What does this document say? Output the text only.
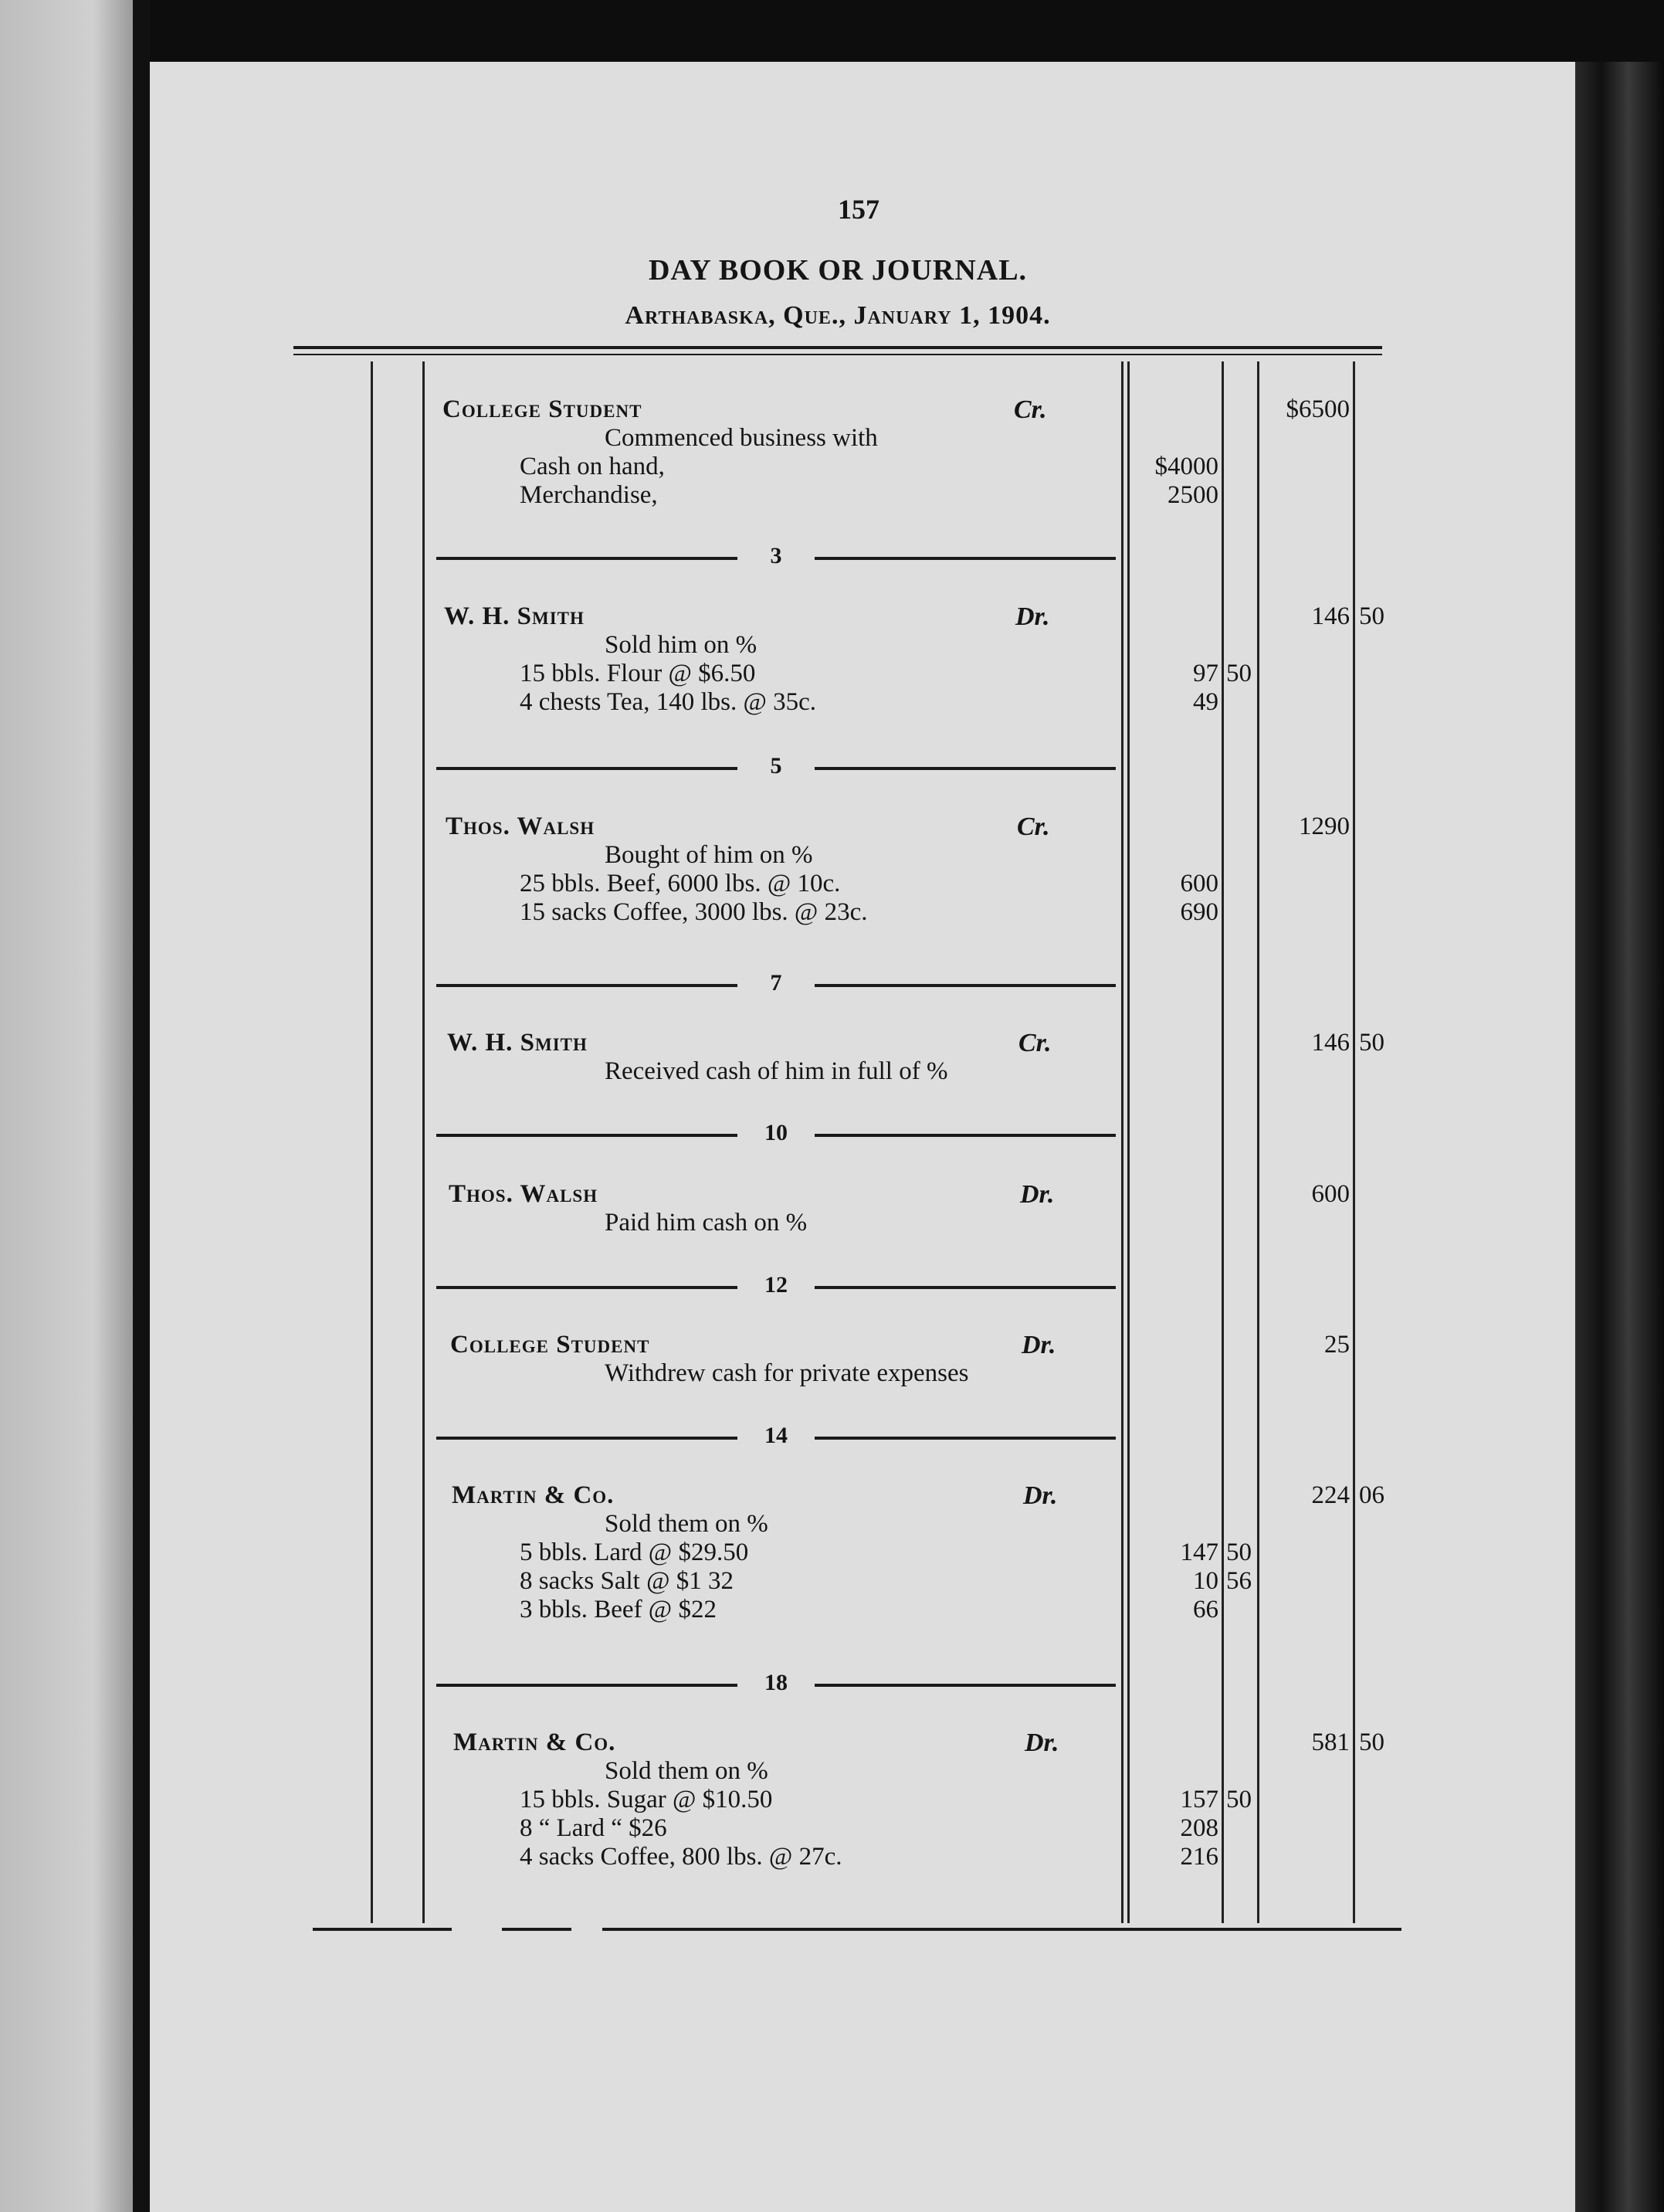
DAY BOOK OR JOURNAL.
Arthabaska, Que., January 1, 1904.
College Student	Cr.	$6500
Commenced business with
Cash on hand,	$4000
Merchandise,	2500
3
W. H. Smith	Dr.	146 50
Sold him on %
15 bbls. Flour @ $6.50	97 50
4 chests Tea, 140 lbs. @ 35c.	49
5
Thos. Walsh	Cr.	1290
Bought of him on %
25 bbls. Beef, 6000 lbs. @ 10c.	600
15 sacks Coffee, 3000 lbs. @ 23c.	690
7
W. H. Smith	Cr.	146 50
Received cash of him in full of %
10
Thos. Walsh	Dr.	600
Paid him cash on %
12
College Student	Dr.	25
Withdrew cash for private expenses
14
Martin & Co.	Dr.	224 06
Sold them on %
5 bbls. Lard @ $29.50	147 50
8 sacks Salt @ $1 32	10 56
3 bbls. Beef @ $22	66
18
Martin & Co.	Dr.	581 50
Sold them on %
15 bbls. Sugar @ $10.50	157 50
8 “ Lard “ $26	208
4 sacks Coffee, 800 lbs. @ 27c.	216
